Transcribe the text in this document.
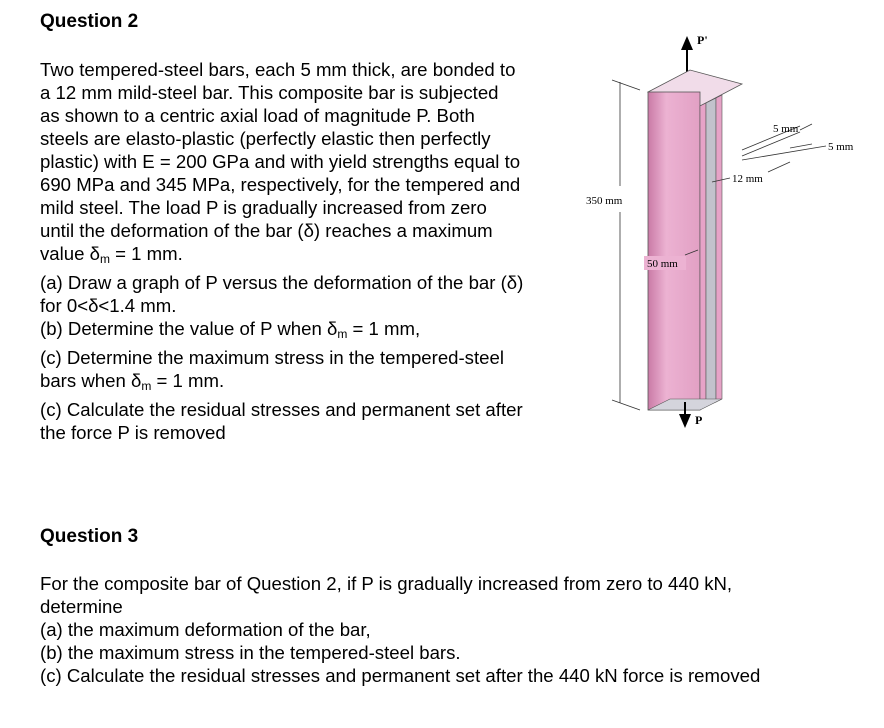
Question 2

Two tempered-steel bars, each 5 mm thick, are bonded to
a 12 mm mild-steel bar. This composite bar is subjected
as shown to a centric axial load of magnitude P. Both
steels are elasto-plastic (perfectly elastic then perfectly
plastic) with E = 200 GPa and with yield strengths equal to
690 MPa and 345 MPa, respectively, for the tempered and
mild steel. The load P is gradually increased from zero
until the deformation of the bar (δ) reaches a maximum
value $\delta_m = 1$ mm.
(a) Draw a graph of P versus the deformation of the bar (δ)
for 0<δ<1.4 mm.
(b) Determine the value of P when $\delta_m = 1$ mm,
(c) Determine the maximum stress in the tempered-steel
bars when $\delta_m = 1$ mm.
(c) Calculate the residual stresses and permanent set after
the force P is removed

P'
P
350 mm
50 mm
12 mm
5 mm
5 mm
Question 3

For the composite bar of Question 2, if P is gradually increased from zero to 440 kN,
determine
(a) the maximum deformation of the bar,
(b) the maximum stress in the tempered-steel bars.
(c) Calculate the residual stresses and permanent set after the 440 kN force is removed
